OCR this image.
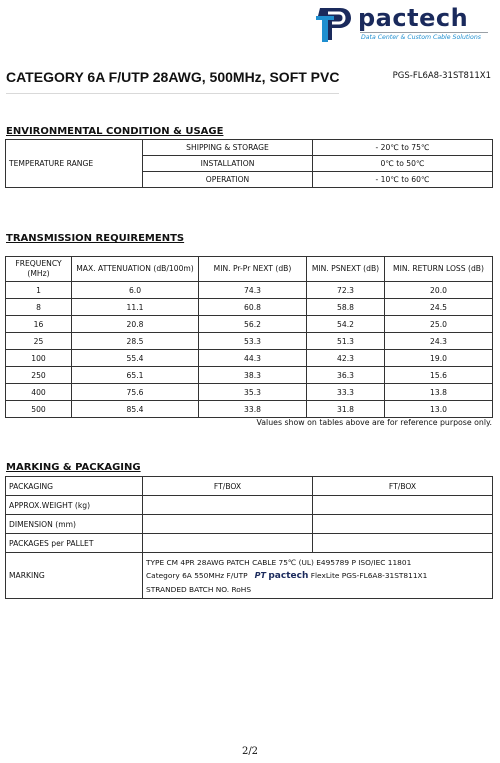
pactech
Data Center & Custom Cable Solutions
CATEGORY 6A F/UTP 28AWG, 500MHz, SOFT PVC	PGS-FL6A8-31ST811X1
ENVIRONMENTAL CONDITION & USAGE
TEMPERATURE RANGE	SHIPPING & STORAGE	- 20℃ to 75℃
	INSTALLATION	0℃ to 50℃
	OPERATION	- 10℃ to 60℃
TRANSMISSION REQUIREMENTS
FREQUENCY (MHz)	MAX. ATTENUATION (dB/100m)	MIN. Pr-Pr NEXT (dB)	MIN. PSNEXT (dB)	MIN. RETURN LOSS (dB)
1	6.0	74.3	72.3	20.0
8	11.1	60.8	58.8	24.5
16	20.8	56.2	54.2	25.0
25	28.5	53.3	51.3	24.3
100	55.4	44.3	42.3	19.0
250	65.1	38.3	36.3	15.6
400	75.6	35.3	33.3	13.8
500	85.4	33.8	31.8	13.0
Values show on tables above are for reference purpose only.
MARKING & PACKAGING
PACKAGING	FT/BOX	FT/BOX
APPROX.WEIGHT (kg)		
DIMENSION (mm)		
PACKAGES per PALLET		
MARKING	TYPE CM 4PR 28AWG PATCH CABLE 75℃ (UL) E495789 P ISO/IEC 11801
Category 6A 550MHz F/UTP PT pactech FlexLite PGS-FL6A8-31ST811X1
STRANDED BATCH NO. RoHS	
2/2
